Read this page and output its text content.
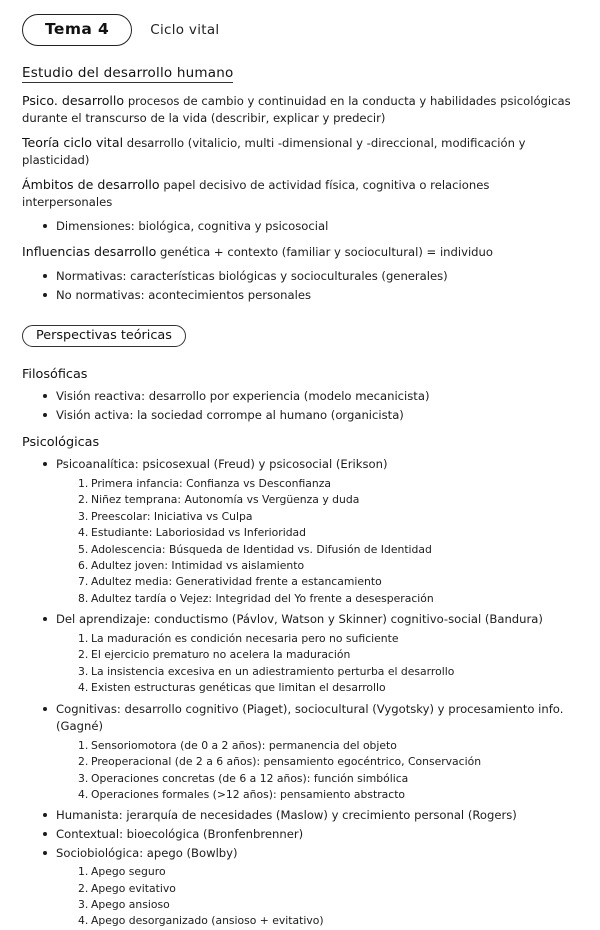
Tema 4	Ciclo vital
Estudio del desarrollo humano

Psico. desarrollo procesos de cambio y continuidad en la conducta y habilidades psicológicas durante el transcurso de la vida (describir, explicar y predecir)

Teoría ciclo vital desarrollo (vitalicio, multi -dimensional y -direccional, modificación y plasticidad)

Ámbitos de desarrollo papel decisivo de actividad física, cognitiva o relaciones interpersonales

Dimensiones: biológica, cognitiva y psicosocial

Influencias desarrollo genética + contexto (familiar y sociocultural) = individuo

Normativas: características biológicas y socioculturales (generales)
No normativas: acontecimientos personales
Perspectivas teóricas
Filosóficas
Visión reactiva: desarrollo por experiencia (modelo mecanicista)
Visión activa: la sociedad corrompe al humano (organicista)
Psicológicas
Psicoanalítica: psicosexual (Freud) y psicosocial (Erikson)
Primera infancia: Confianza vs Desconfianza
Niñez temprana: Autonomía vs Vergüenza y duda
Preescolar: Iniciativa vs Culpa
Estudiante: Laboriosidad vs Inferioridad
Adolescencia: Búsqueda de Identidad vs. Difusión de Identidad
Adultez joven: Intimidad vs aislamiento
Adultez media: Generatividad frente a estancamiento
Adultez tardía o Vejez: Integridad del Yo frente a desesperación
Del aprendizaje: conductismo (Pávlov, Watson y Skinner) cognitivo-social (Bandura)
La maduración es condición necesaria pero no suficiente
El ejercicio prematuro no acelera la maduración
La insistencia excesiva en un adiestramiento perturba el desarrollo
Existen estructuras genéticas que limitan el desarrollo
Cognitivas: desarrollo cognitivo (Piaget), sociocultural (Vygotsky) y procesamiento info.(Gagné)
Sensoriomotora (de 0 a 2 años): permanencia del objeto
Preoperacional (de 2 a 6 años): pensamiento egocéntrico, Conservación
Operaciones concretas (de 6 a 12 años): función simbólica
Operaciones formales (>12 años): pensamiento abstracto
Humanista: jerarquía de necesidades (Maslow) y crecimiento personal (Rogers)
Contextual: bioecológica (Bronfenbrenner)
Sociobiológica: apego (Bowlby)
Apego seguro
Apego evitativo
Apego ansioso
Apego desorganizado (ansioso + evitativo)
